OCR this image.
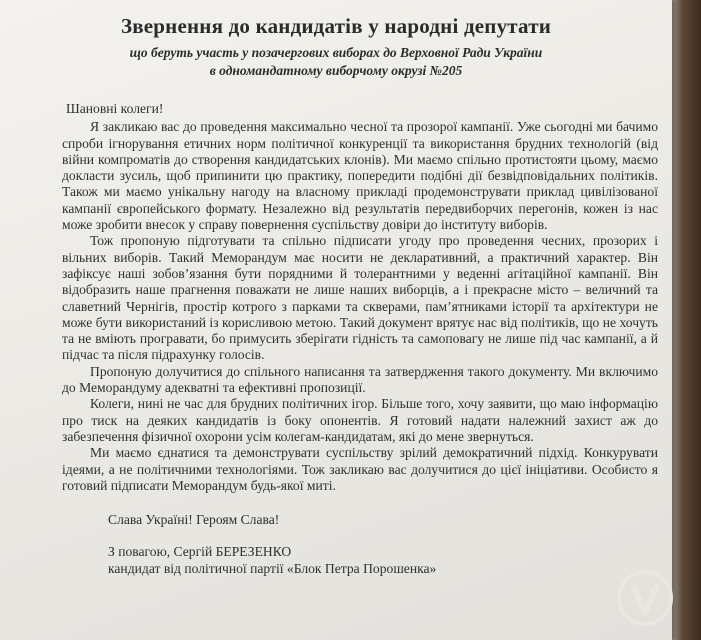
Звернення до кандидатів у народні депутати
що беруть участь у позачергових виборах до Верховної Ради України
в одномандатному виборчому окрузі №205

Шановні колеги!

Я закликаю вас до проведення максимально чесної та прозорої кампанії. Уже сьогодні ми бачимо спроби ігнорування етичних норм політичної конкуренції та використання брудних технологій (від війни компроматів до створення кандидатських клонів). Ми маємо спільно протистояти цьому, маємо докласти зусиль, щоб припинити цю практику, попередити подібні дії безвідповідальних політиків. Також ми маємо унікальну нагоду на власному прикладі продемонструвати приклад цивілізованої кампанії європейського формату. Незалежно від результатів передвиборчих перегонів, кожен із нас може зробити внесок у справу повернення суспільству довіри до інституту виборів.

Тож пропоную підготувати та спільно підписати угоду про проведення чесних, прозорих і вільних виборів. Такий Меморандум має носити не декларативний, а практичний характер. Він зафіксує наші зобов’язання бути порядними й толерантними у веденні агітаційної кампанії. Він відобразить наше прагнення поважати не лише наших виборців, а і прекрасне місто – величний та славетний Чернігів, простір котрого з парками та скверами, пам’ятниками історії та архітектури не може бути використаний із корисливою метою. Такий документ врятує нас від політиків, що не хочуть та не вміють програвати, бо примусить зберігати гідність та самоповагу не лише під час кампанії, а й підчас та після підрахунку голосів.

Пропоную долучитися до спільного написання та затвердження такого документу. Ми включимо до Меморандуму адекватні та ефективні пропозиції.

Колеги, нині не час для брудних політичних ігор. Більше того, хочу заявити, що маю інформацію про тиск на деяких кандидатів із боку опонентів. Я готовий надати належний захист аж до забезпечення фізичної охорони усім колегам-кандидатам, які до мене звернуться.

Ми маємо єднатися та демонструвати суспільству зрілий демократичний підхід. Конкурувати ідеями, а не політичними технологіями. Тож закликаю вас долучитися до цієї ініціативи. Особисто я готовий підписати Меморандум будь-якої миті.

Слава Україні! Героям Слава!

З повагою, Сергій БЕРЕЗЕНКО

кандидат від політичної партії «Блок Петра Порошенка»
